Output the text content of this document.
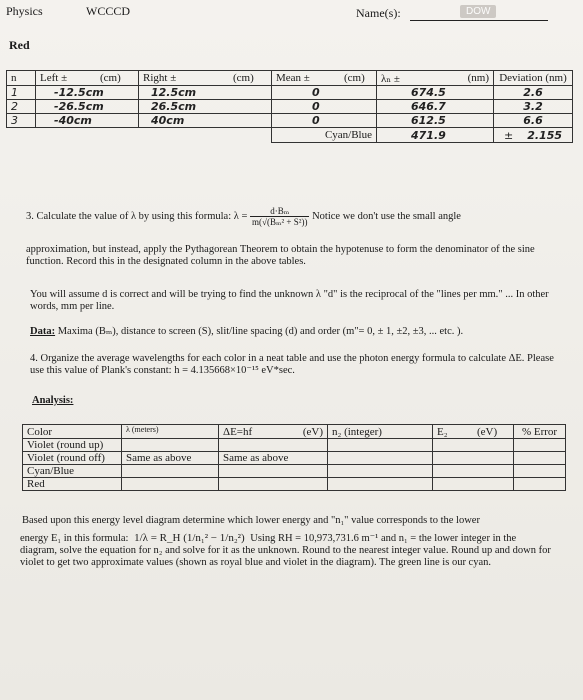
Physics	WCCCD	Name(s):	DOW
Red
n	Left ±	(cm)	Right ±	(cm)	Mean ±	(cm)	λₙ ±	(nm)	Deviation (nm)
1	-12.5cm		12.5cm		0		674.5		2.6
2	-26.5cm		26.5cm		0		646.7		3.2
3	-40cm		40cm		0		612.5		6.6
					Cyan/Blue		471.9		± 2.155
3. Calculate the value of λ by using this formula: $\lambda = \frac{\text{d·Bₘ}}{\text{m(√(Bₘ² + S²))}}$ Notice we don't use the small angle
approximation, but instead, apply the Pythagorean Theorem to obtain the hypotenuse to form the denominator of the sine function. Record this in the designated column in the above tables.
You will assume d is correct and will be trying to find the unknown λ "d" is the reciprocal of the "lines per mm." ... In other words, mm per line.
Data: Maxima (Bₘ), distance to screen (S), slit/line spacing (d) and order (m"= 0, ± 1, ±2, ±3, ... etc. ).
4. Organize the average wavelengths for each color in a neat table and use the photon energy formula to calculate ΔE. Please use this value of Plank's constant: h = 4.135668×10⁻¹⁵ eV*sec.
Analysis:
Color	λ (meters)	ΔE=hf	(eV)	n₂ (integer)	E₂	(eV)	% Error
Violet (round up)							
Violet (round off)	Same as above	Same as above					
Cyan/Blue							
Red							
Based upon this energy level diagram determine which lower energy and "n₁" value corresponds to the lower
energy E₁ in this formula: 1/λ = R_H (1/n₁² − 1/n₂²) Using RH = 10,973,731.6 m⁻¹ and n₁ = the lower integer in the
diagram, solve the equation for n₂ and solve for it as the unknown. Round to the nearest integer value. Round up and down for violet to get two approximate values (shown as royal blue and violet in the diagram). The green line is our cyan.
